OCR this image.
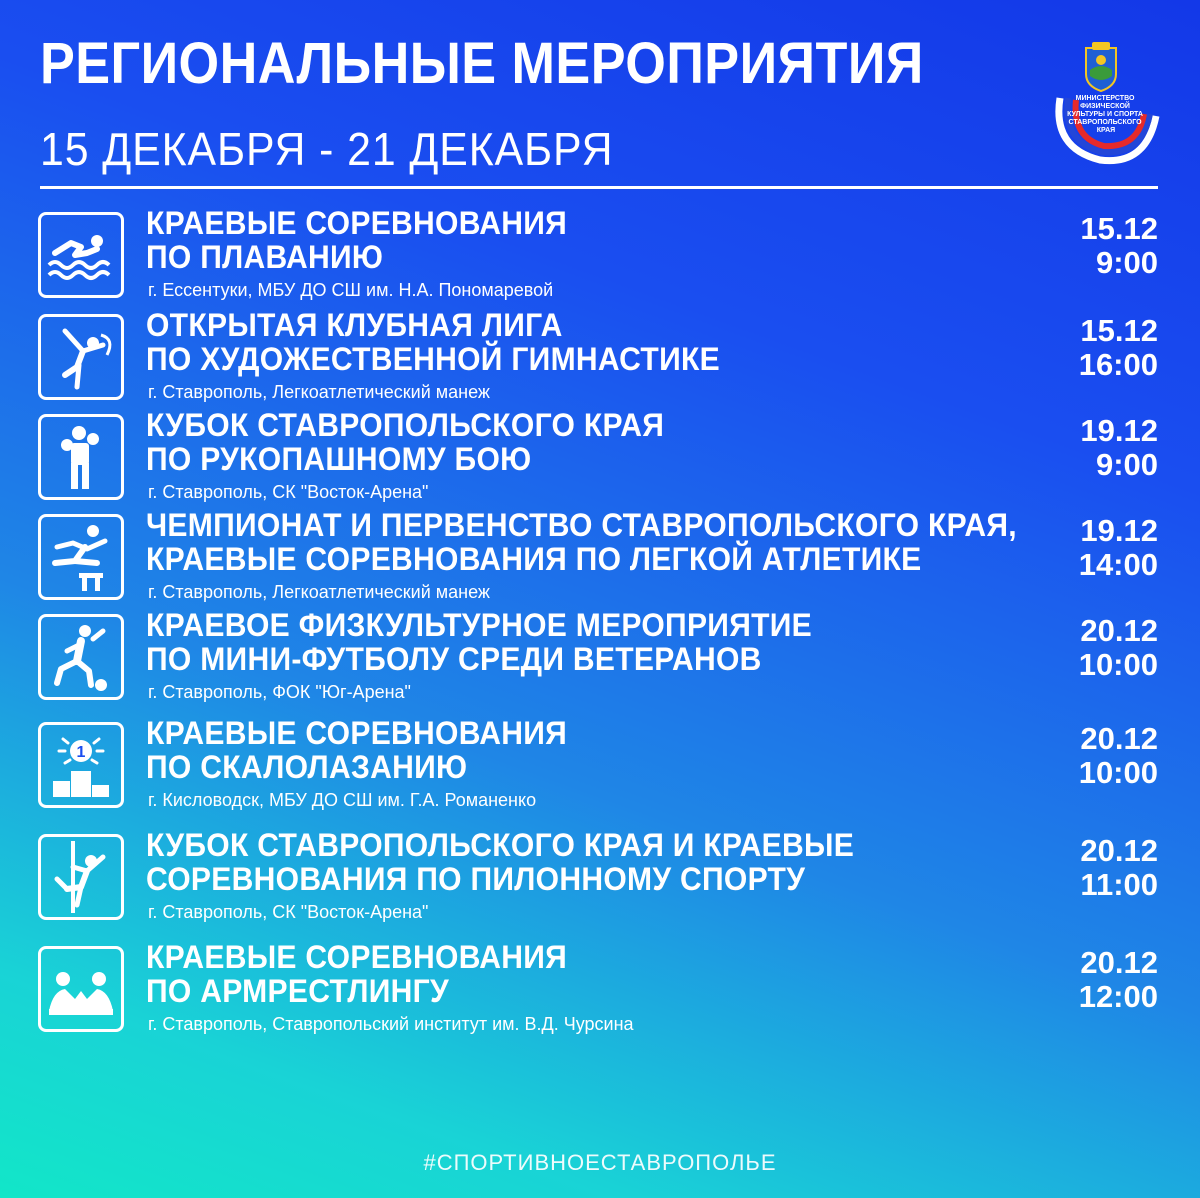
РЕГИОНАЛЬНЫЕ МЕРОПРИЯТИЯ
15 ДЕКАБРЯ - 21 ДЕКАБРЯ
МИНИСТЕРСТВО ФИЗИЧЕСКОЙ КУЛЬТУРЫ И СПОРТА СТАВРОПОЛЬСКОГО КРАЯ
КРАЕВЫЕ СОРЕВНОВАНИЯ
ПО ПЛАВАНИЮ
г. Ессентуки, МБУ ДО СШ им. Н.А. Пономаревой
15.12
9:00
ОТКРЫТАЯ КЛУБНАЯ ЛИГА
ПО ХУДОЖЕСТВЕННОЙ ГИМНАСТИКЕ
г. Ставрополь, Легкоатлетический манеж
15.12
16:00
КУБОК СТАВРОПОЛЬСКОГО КРАЯ
ПО РУКОПАШНОМУ БОЮ
г. Ставрополь, СК "Восток-Арена"
19.12
9:00
ЧЕМПИОНАТ И ПЕРВЕНСТВО СТАВРОПОЛЬСКОГО КРАЯ,
КРАЕВЫЕ СОРЕВНОВАНИЯ ПО ЛЕГКОЙ АТЛЕТИКЕ
г. Ставрополь, Легкоатлетический манеж
19.12
14:00
КРАЕВОЕ ФИЗКУЛЬТУРНОЕ МЕРОПРИЯТИЕ
ПО МИНИ-ФУТБОЛУ СРЕДИ ВЕТЕРАНОВ
г. Ставрополь, ФОК "Юг-Арена"
20.12
10:00
1
КРАЕВЫЕ СОРЕВНОВАНИЯ
ПО СКАЛОЛАЗАНИЮ
г. Кисловодск, МБУ ДО СШ им. Г.А. Романенко
20.12
10:00
КУБОК СТАВРОПОЛЬСКОГО КРАЯ И КРАЕВЫЕ
СОРЕВНОВАНИЯ ПО ПИЛОННОМУ СПОРТУ
г. Ставрополь, СК "Восток-Арена"
20.12
11:00
КРАЕВЫЕ СОРЕВНОВАНИЯ
ПО АРМРЕСТЛИНГУ
г. Ставрополь, Ставропольский институт им. В.Д. Чурсина
20.12
12:00
#СПОРТИВНОЕСТАВРОПОЛЬЕ
